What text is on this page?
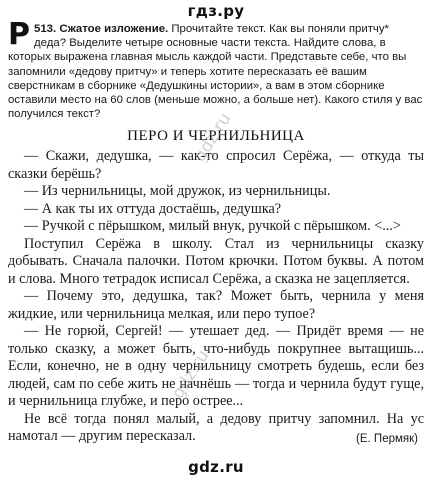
гдз.ру
Р 513. Сжатое изложение. Прочитайте текст. Как вы поняли притчу* деда? Выделите четыре основные части текста. Найдите слова, в которых выражена главная мысль каждой части. Представьте себе, что вы запомнили «дедову притчу» и теперь хотите пересказать её вашим сверстникам в сборнике «Дедушкины истории», а вам в этом сборнике оставили место на 60 слов (меньше можно, а больше нет). Какого стиля у вас получился текст?
ПЕРО И ЧЕРНИЛЬНИЦА

— Скажи, дедушка, — как-то спросил Серёжа, — откуда ты сказки берёшь?

— Из чернильницы, мой дружок, из чернильницы.

— А как ты их оттуда достаёшь, дедушка?

— Ручкой с пёрышком, милый внук, ручкой с пёрышком. <...>

Поступил Серёжа в школу. Стал из чернильницы сказку добывать. Сначала палочки. Потом крючки. Потом буквы. А потом и слова. Много тетрадок исписал Серёжа, а сказка не зацепляется.

— Почему это, дедушка, так? Может быть, чернила у меня жидкие, или чернильница мелкая, или перо тупое?

— Не горюй, Сергей! — утешает дед. — Придёт время — не только сказку, а может быть, что-нибудь покрупнее вытащишь... Если, конечно, не в одну чернильницу смотреть будешь, если без людей, сам по себе жить не начнёшь — тогда и чернила будут гуще, и чернильница глубже, и перо острее...

Не всё тогда понял малый, а дедову притчу запомнил. На ус намотал — другим пересказал.	(Е. Пермяк)
gdz.ru
gdz.ru
gdz.ru
